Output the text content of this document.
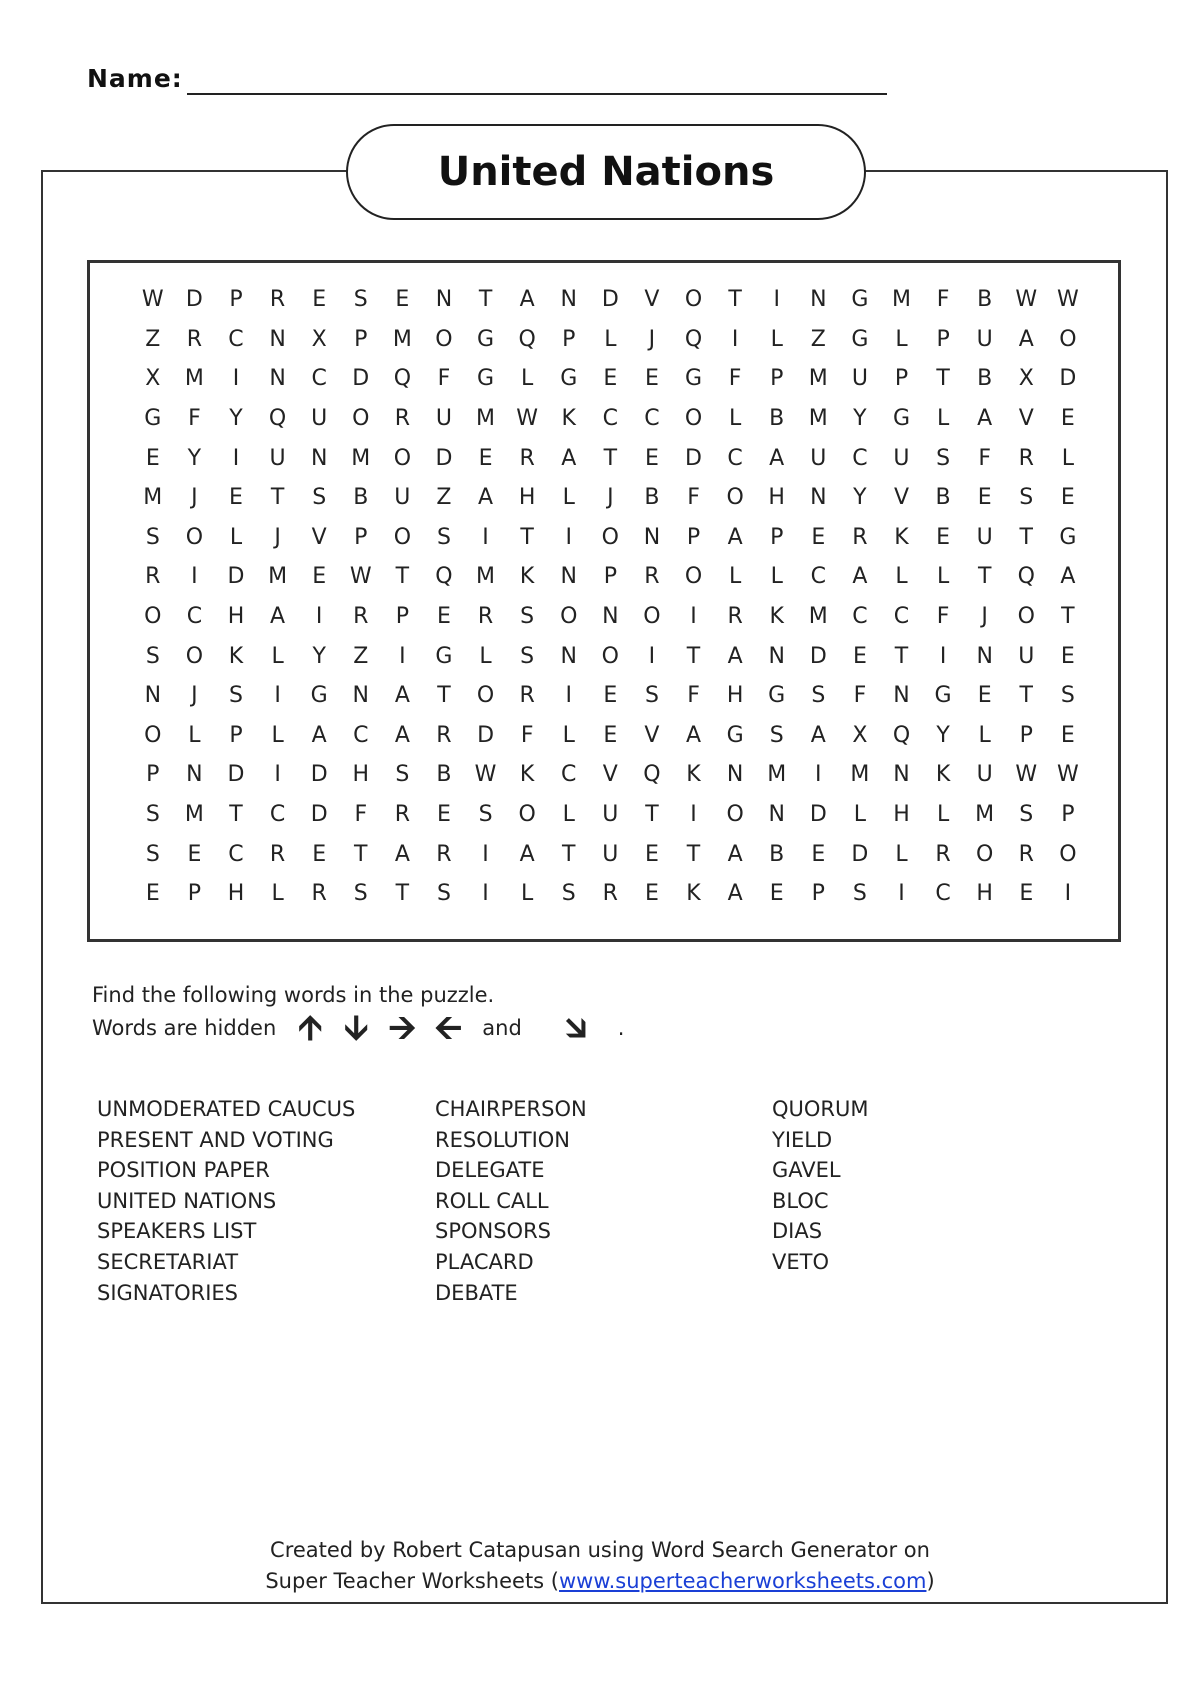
Name:
United Nations
W	D	P	R	E	S	E	N	T	A	N	D	V	O	T	I	N	G	M	F	B	W W
Z	R	C	N	X	P	M	O	G	Q	P	L	J	Q	I	L	Z	G	L	P	U	A	O
X	M	I	N	C	D	Q	F	G	L	G	E	E	G	F	P	M	U	P	T	B	X	D
G	F	Y	Q	U	O	R	U	M W	K	C	C	O	L	B	M	Y	G	L	A	V	E
E	Y	I	U	N	M	O	D	E	R	A	T	E	D	C	A	U	C	U	S	F	R	L
M	J	E	T	S	B	U	Z	A	H	L	J	B	F	O	H	N	Y	V	B	E	S	E
S	O	L	J	V	P	O	S	I	T	I	O	N	P	A	P	E	R	K	E	U	T	G
R	I	D	M	E	W	T	Q	M	K	N	P	R	O	L	L	C	A	L	L	T	Q	A
O	C	H	A	I	R	P	E	R	S	O	N	O	I	R	K	M	C	C	F	J	O	T
S	O	K	L	Y	Z	I	G	L	S	N	O	I	T	A	N	D	E	T	I	N	U	E
N	J	S	I	G	N	A	T	O	R	I	E	S	F	H	G	S	F	N	G	E	T	S
O	L	P	L	A	C	A	R	D	F	L	E	V	A	G	S	A	X	Q	Y	L	P	E
P	N	D	I	D	H	S	B	W	K	C	V	Q	K	N	M	I	M	N	K	U	W W
S	M	T	C	D	F	R	E	S	O	L	U	T	I	O	N	D	L	H	L	M	S	P
S	E	C	R	E	T	A	R	I	A	T	U	E	T	A	B	E	D	L	R	O	R	O
E	P	H	L	R	S	T	S	I	L	S	R	E	K	A	E	P	S	I	C	H	E	I
Find the following words in the puzzle.
Words are hidden 🡩 🡫 🡪 🡨 and	🡮	.
UNMODERATED CAUCUS
PRESENT AND VOTING
POSITION PAPER
UNITED NATIONS
SPEAKERS LIST
SECRETARIAT
SIGNATORIES
CHAIRPERSON
RESOLUTION
DELEGATE
ROLL CALL
SPONSORS
PLACARD
DEBATE
QUORUM
YIELD
GAVEL
BLOC
DIAS
VETO
Created by Robert Catapusan using Word Search Generator on
Super Teacher Worksheets (www.superteacherworksheets.com)
